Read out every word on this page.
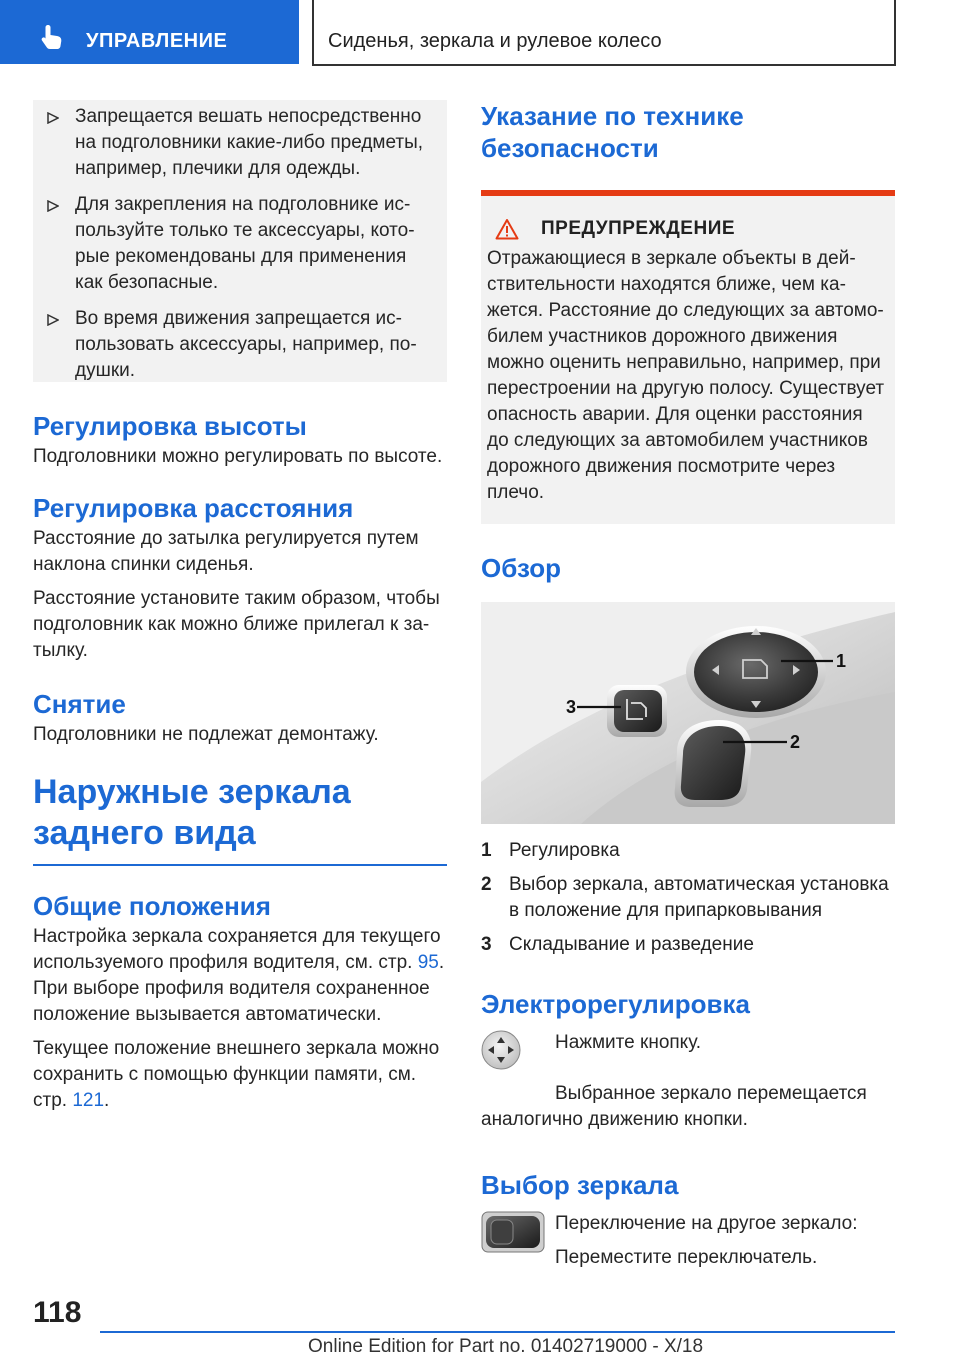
УПРАВЛЕНИЕ	Сиденья, зеркала и рулевое колесо
Запрещается вешать непосредственно на подголовники какие-либо предметы, например, плечики для одежды.
Для закрепления на подголовнике используйте только те аксессуары, которые рекомендованы для применения как безопасные.
Во время движения запрещается использовать аксессуары, например, подушки.
Регулировка высоты
Подголовники можно регулировать по высоте.
Регулировка расстояния
Расстояние до затылка регулируется путем наклона спинки сиденья.
Расстояние установите таким образом, чтобы подголовник как можно ближе прилегал к затылку.
Снятие
Подголовники не подлежат демонтажу.
Наружные зеркала заднего вида
Общие положения
Настройка зеркала сохраняется для текущего используемого профиля водителя, см. стр. 95. При выборе профиля водителя сохраненное положение вызывается автоматически.
Текущее положение внешнего зеркала можно сохранить с помощью функции памяти, см. стр. 121.
Указание по технике безопасности
ПРЕДУПРЕЖДЕНИЕ
Отражающиеся в зеркале объекты в действительности находятся ближе, чем кажется. Расстояние до следующих за автомобилем участников дорожного движения можно оценить неправильно, например, при перестроении на другую полосу. Существует опасность аварии. Для оценки расстояния до следующих за автомобилем участников дорожного движения посмотрите через плечо.
Обзор
1
2
3
1 Регулировка
2 Выбор зеркала, автоматическая установка в положение для припарковывания
3 Складывание и разведение
Электрорегулировка
Нажмите кнопку.
Выбранное зеркало перемещается аналогично движению кнопки.
Выбор зеркала
Переключение на другое зеркало:
Переместите переключатель.
118
Online Edition for Part no. 01402719000 - X/18
